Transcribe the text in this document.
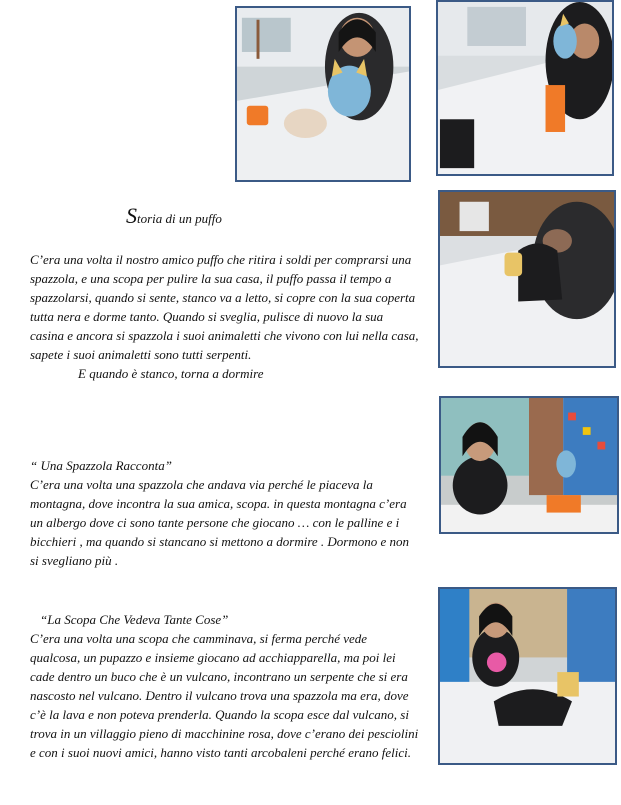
Storia di un puffo

C’era una volta il nostro amico puffo che ritira i soldi per comprarsi una spazzola, e una scopa per pulire la sua casa, il puffo passa il tempo a spazzolarsi, quando si sente, stanco va a letto, si copre con la sua coperta tutta nera e dorme tanto. Quando si sveglia, pulisce di nuovo la sua casina e ancora si spazzola i suoi animaletti che vivono con lui nella casa, sapete i suoi animaletti sono tutti serpenti.

E quando è stanco, torna a dormire

“ Una Spazzola Racconta”

C’era una volta una spazzola che andava via perché le piaceva la montagna, dove incontra la sua amica, scopa. in questa montagna c’era un albergo dove ci sono tante persone che giocano … con le palline e i bicchieri , ma quando si stancano si mettono a dormire . Dormono e non si svegliano più .

“La Scopa Che Vedeva Tante Cose”

C’era una volta una scopa che camminava, si ferma perché vede qualcosa, un pupazzo e insieme giocano ad acchiapparella, ma poi lei cade dentro un buco che è un vulcano, incontrano un serpente che si era nascosto nel vulcano. Dentro il vulcano trova una spazzola ma era, dove c’è la lava e non poteva prenderla. Quando la scopa esce dal vulcano, si trova in un villaggio pieno di macchinine rosa, dove c’erano dei pesciolini e con i suoi nuovi amici, hanno visto tanti arcobaleni perché erano felici.
